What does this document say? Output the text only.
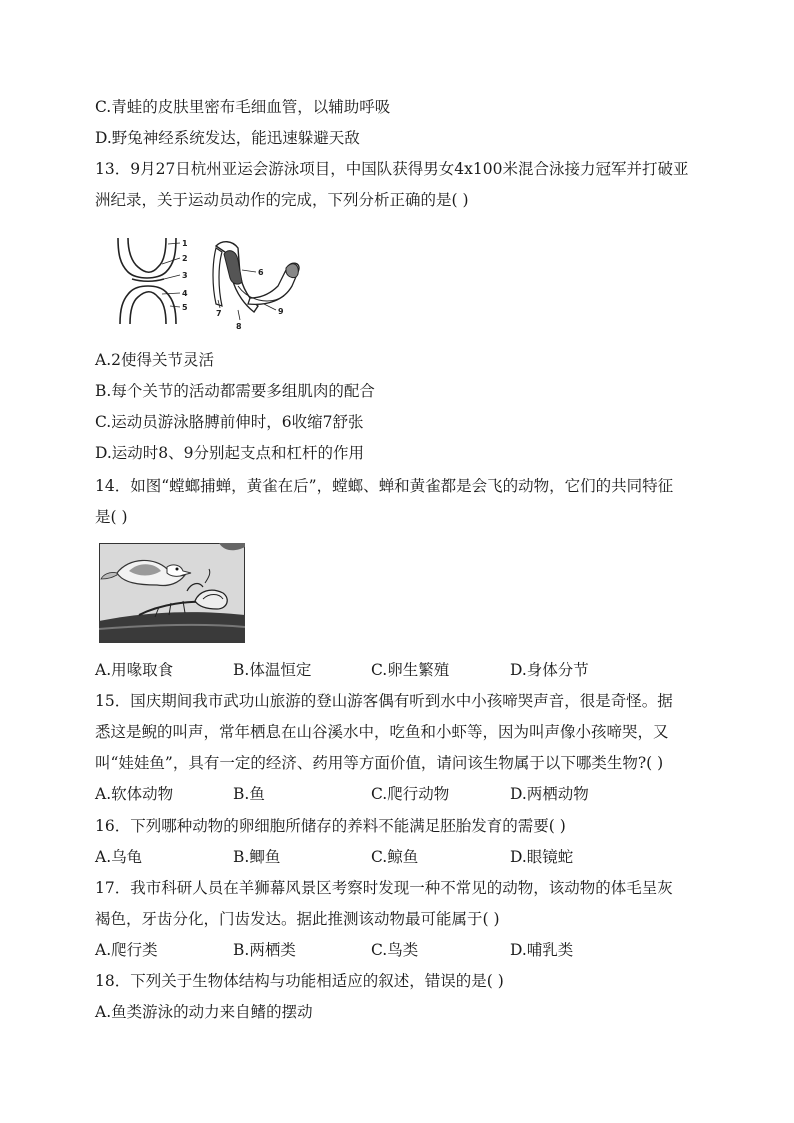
C.青蛙的皮肤里密布毛细血管，以辅助呼吸
D.野兔神经系统发达，能迅速躲避天敌
13．9月27日杭州亚运会游泳项目，中国队获得男女4x100米混合泳接力冠军并打破亚
洲纪录，关于运动员动作的完成，下列分析正确的是( )
1
2
3
4
5
6
7
8
9
A.2使得关节灵活
B.每个关节的活动都需要多组肌肉的配合
C.运动员游泳胳膊前伸时，6收缩7舒张
D.运动时8、9分别起支点和杠杆的作用
14．如图“螳螂捕蝉，黄雀在后”，螳螂、蝉和黄雀都是会飞的动物，它们的共同特征
是( )
A.用喙取食	B.体温恒定	C.卵生繁殖	D.身体分节
15．国庆期间我市武功山旅游的登山游客偶有听到水中小孩啼哭声音，很是奇怪。据
悉这是鲵的叫声，常年栖息在山谷溪水中，吃鱼和小虾等，因为叫声像小孩啼哭，又
叫“娃娃鱼”，具有一定的经济、药用等方面价值，请问该生物属于以下哪类生物?( )
A.软体动物	B.鱼	C.爬行动物	D.两栖动物
16．下列哪种动物的卵细胞所储存的养料不能满足胚胎发育的需要( )
A.乌龟	B.鲫鱼	C.鲸鱼	D.眼镜蛇
17．我市科研人员在羊狮幕风景区考察时发现一种不常见的动物，该动物的体毛呈灰
褐色，牙齿分化，门齿发达。据此推测该动物最可能属于( )
A.爬行类	B.两栖类	C.鸟类	D.哺乳类
18．下列关于生物体结构与功能相适应的叙述，错误的是( )
A.鱼类游泳的动力来自鳍的摆动
